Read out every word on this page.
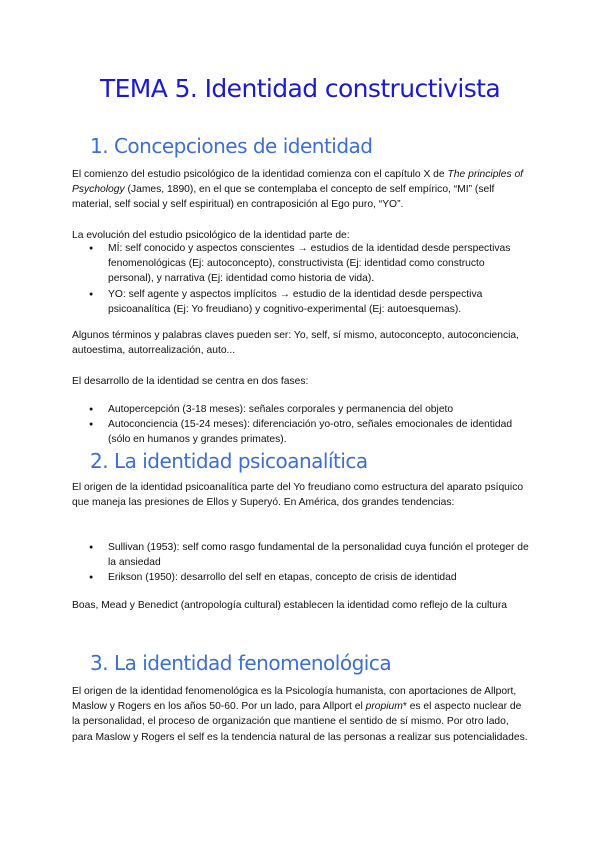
TEMA 5. Identidad constructivista
1. Concepciones de identidad

El comienzo del estudio psicológico de la identidad comienza con el capítulo X de The principles of Psychology (James, 1890), en el que se contemplaba el concepto de self empírico, “MI” (self material, self social y self espiritual) en contraposición al Ego puro, “YO”.

La evolución del estudio psicológico de la identidad parte de:

● MÍ: self conocido y aspectos conscientes → estudios de la identidad desde perspectivas fenomenológicas (Ej: autoconcepto), constructivista (Ej: identidad como constructo personal), y narrativa (Ej: identidad como historia de vida).
● YO: self agente y aspectos implícitos → estudio de la identidad desde perspectiva psicoanalítica (Ej: Yo freudiano) y cognitivo-experimental (Ej: autoesquemas).

Algunos términos y palabras claves pueden ser: Yo, self, sí mismo, autoconcepto, autoconciencia, autoestima, autorrealización, auto...

El desarrollo de la identidad se centra en dos fases:

● Autopercepción (3-18 meses): señales corporales y permanencia del objeto
● Autoconciencia (15-24 meses): diferenciación yo-otro, señales emocionales de identidad (sólo en humanos y grandes primates).
2. La identidad psicoanalítica

El origen de la identidad psicoanalítica parte del Yo freudiano como estructura del aparato psíquico que maneja las presiones de Ellos y Superyó. En América, dos grandes tendencias:

● Sullivan (1953): self como rasgo fundamental de la personalidad cuya función el proteger de la ansiedad
● Erikson (1950): desarrollo del self en etapas, concepto de crisis de identidad

Boas, Mead y Benedict (antropología cultural) establecen la identidad como reflejo de la cultura

3. La identidad fenomenológica

El origen de la identidad fenomenológica es la Psicología humanista, con aportaciones de Allport, Maslow y Rogers en los años 50-60. Por un lado, para Allport el propium* es el aspecto nuclear de la personalidad, el proceso de organización que mantiene el sentido de sí mismo. Por otro lado, para Maslow y Rogers el self es la tendencia natural de las personas a realizar sus potencialidades.
